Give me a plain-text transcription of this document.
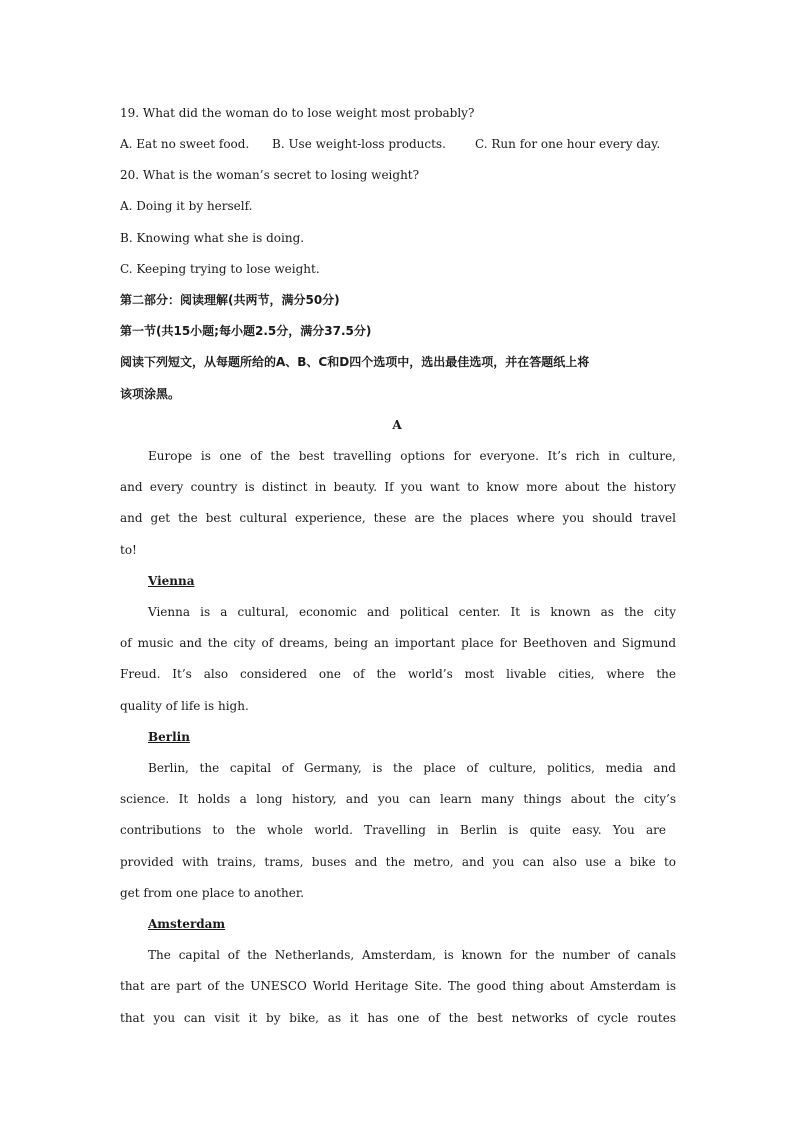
19. What did the woman do to lose weight most probably?
A. Eat no sweet food. B. Use weight-loss products. C. Run for one hour every day.
20. What is the woman’s secret to losing weight?
A. Doing it by herself.
B. Knowing what she is doing.
C. Keeping trying to lose weight.
第二部分：阅读理解(共两节，满分50分)
第一节(共15小题;每小题2.5分，满分37.5分)
阅读下列短文，从每题所给的A、B、C和D四个选项中，选出最佳选项，并在答题纸上将
该项涂黑。
A
Europe is one of the best travelling options for everyone. It’s rich in culture,
and every country is distinct in beauty. If you want to know more about the history
and get the best cultural experience, these are the places where you should travel
to!
Vienna
Vienna is a cultural, economic and political center. It is known as the city
of music and the city of dreams, being an important place for Beethoven and Sigmund
Freud. It’s also considered one of the world’s most livable cities, where the
quality of life is high.
Berlin
Berlin, the capital of Germany, is the place of culture, politics, media and
science. It holds a long history, and you can learn many things about the city’s
contributions to the whole world. Travelling in Berlin is quite easy. You are
provided with trains, trams, buses and the metro, and you can also use a bike to
get from one place to another.
Amsterdam
The capital of the Netherlands, Amsterdam, is known for the number of canals
that are part of the UNESCO World Heritage Site. The good thing about Amsterdam is
that you can visit it by bike, as it has one of the best networks of cycle routes
